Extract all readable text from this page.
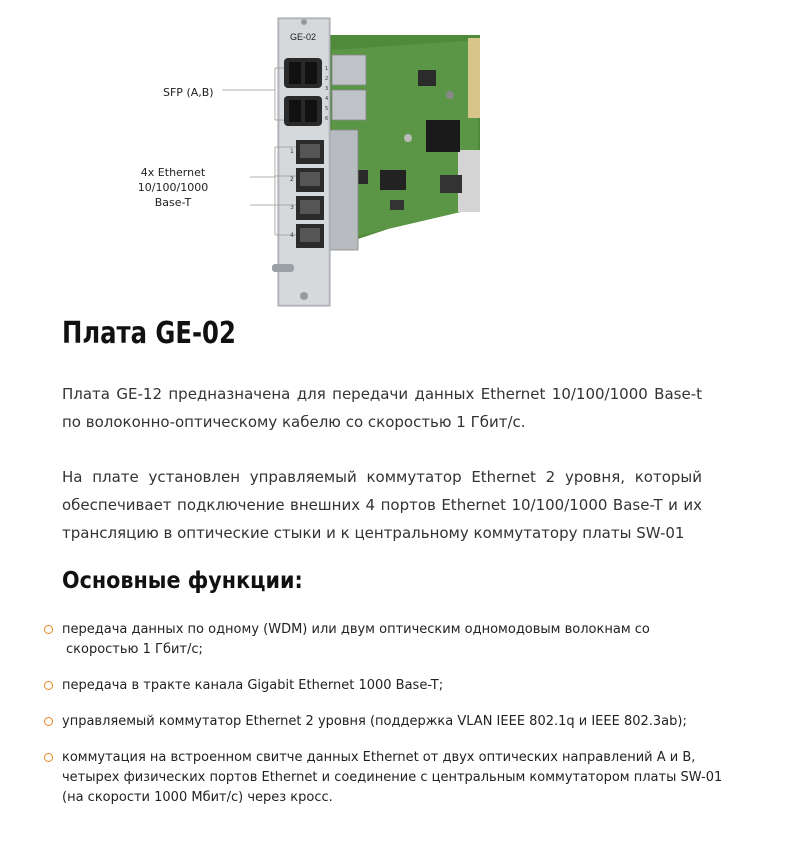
GE-02
1
2
3
4
1
2
3
4
5
6
SFP (A,B)
4x Ethernet
10/100/1000
Base-T
Плата GE-02
Плата GE-12 предназначена для передачи данных Ethernet 10/100/1000 Base-t по волоконно-оптическому кабелю со скоростью 1 Гбит/с.
На плате установлен управляемый коммутатор Ethernet 2 уровня, который обеспечивает подключение внешних 4 портов Ethernet 10/100/1000 Base-T и их трансляцию в оптические стыки и к центральному коммутатору платы SW-01
Основные функции:
передача данных по одному (WDM) или двум оптическим одномодовым волокнам со
скоростью 1 Гбит/с;
передача в тракте канала Gigabit Ethernet 1000 Base-T;
управляемый коммутатор Ethernet 2 уровня (поддержка VLAN IEEE 802.1q и IEEE 802.3ab);
коммутация на встроенном свитче данных Ethernet от двух оптических направлений А и В, четырех физических портов Ethernet и соединение с центральным коммутатором платы SW-01 (на скорости 1000 Мбит/с) через кросс.
